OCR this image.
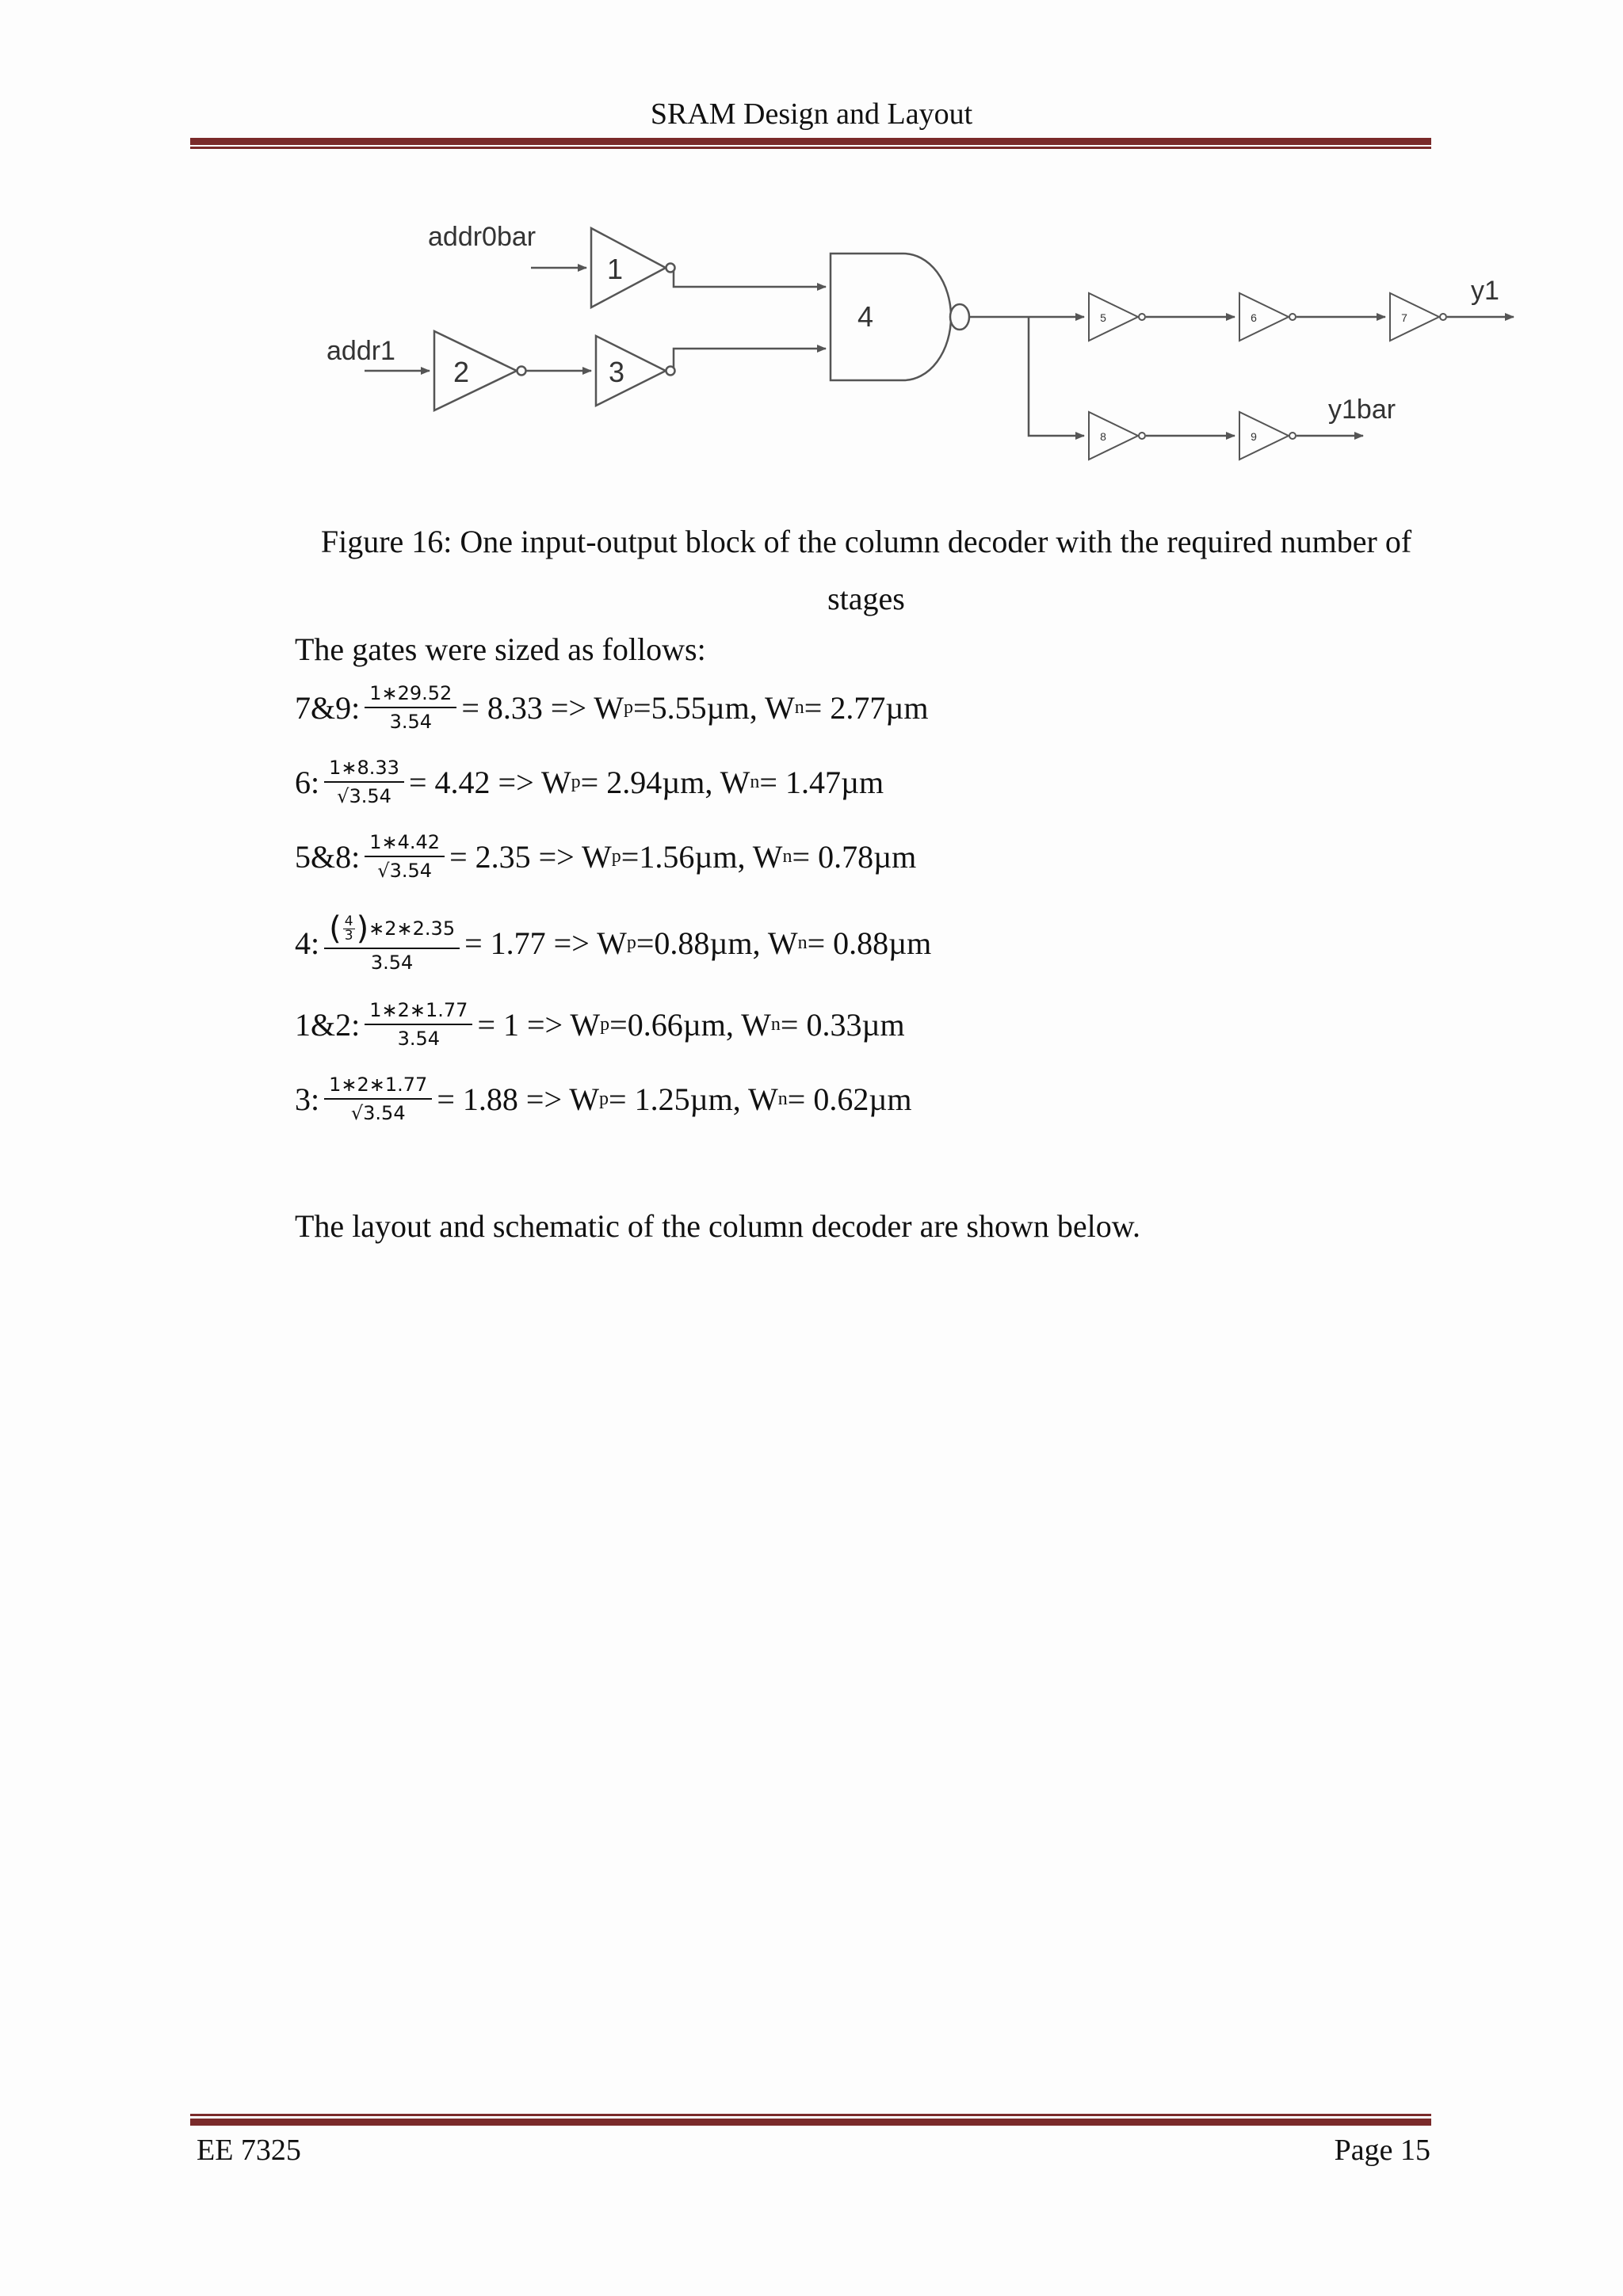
SRAM Design and Layout
1
2	3
4	5	6	7
8	9
addr0bar
addr1
y1
y1bar
Figure 16: One input-output block of the column decoder with the required number of stages
The gates were sized as follows:
7&9: $\frac{1∗29.52}{3.54} = 8.33 => W$ p =5.55µm, W n = 2.77µm
6: $\frac{1∗8.33}{√3.54} = 4.42 => W$ p = 2.94µm, W n = 1.47µm
5&8: $\frac{1∗4.42}{√3.54} = 2.35 => W$ p =1.56µm, W n = 0.78µm
4: $\frac{( \frac{4}{3} ) ∗2∗2.35}{3.54} = 1.77 => W$ p =0.88µm, W n = 0.88µm
1&2: $\frac{1∗2∗1.77}{3.54} = 1 => W$ p =0.66µm, W n = 0.33µm
3: $\frac{1∗2∗1.77}{√3.54} = 1.88 => W$ p = 1.25µm, W n = 0.62µm
The layout and schematic of the column decoder are shown below.
EE 7325	Page 15
